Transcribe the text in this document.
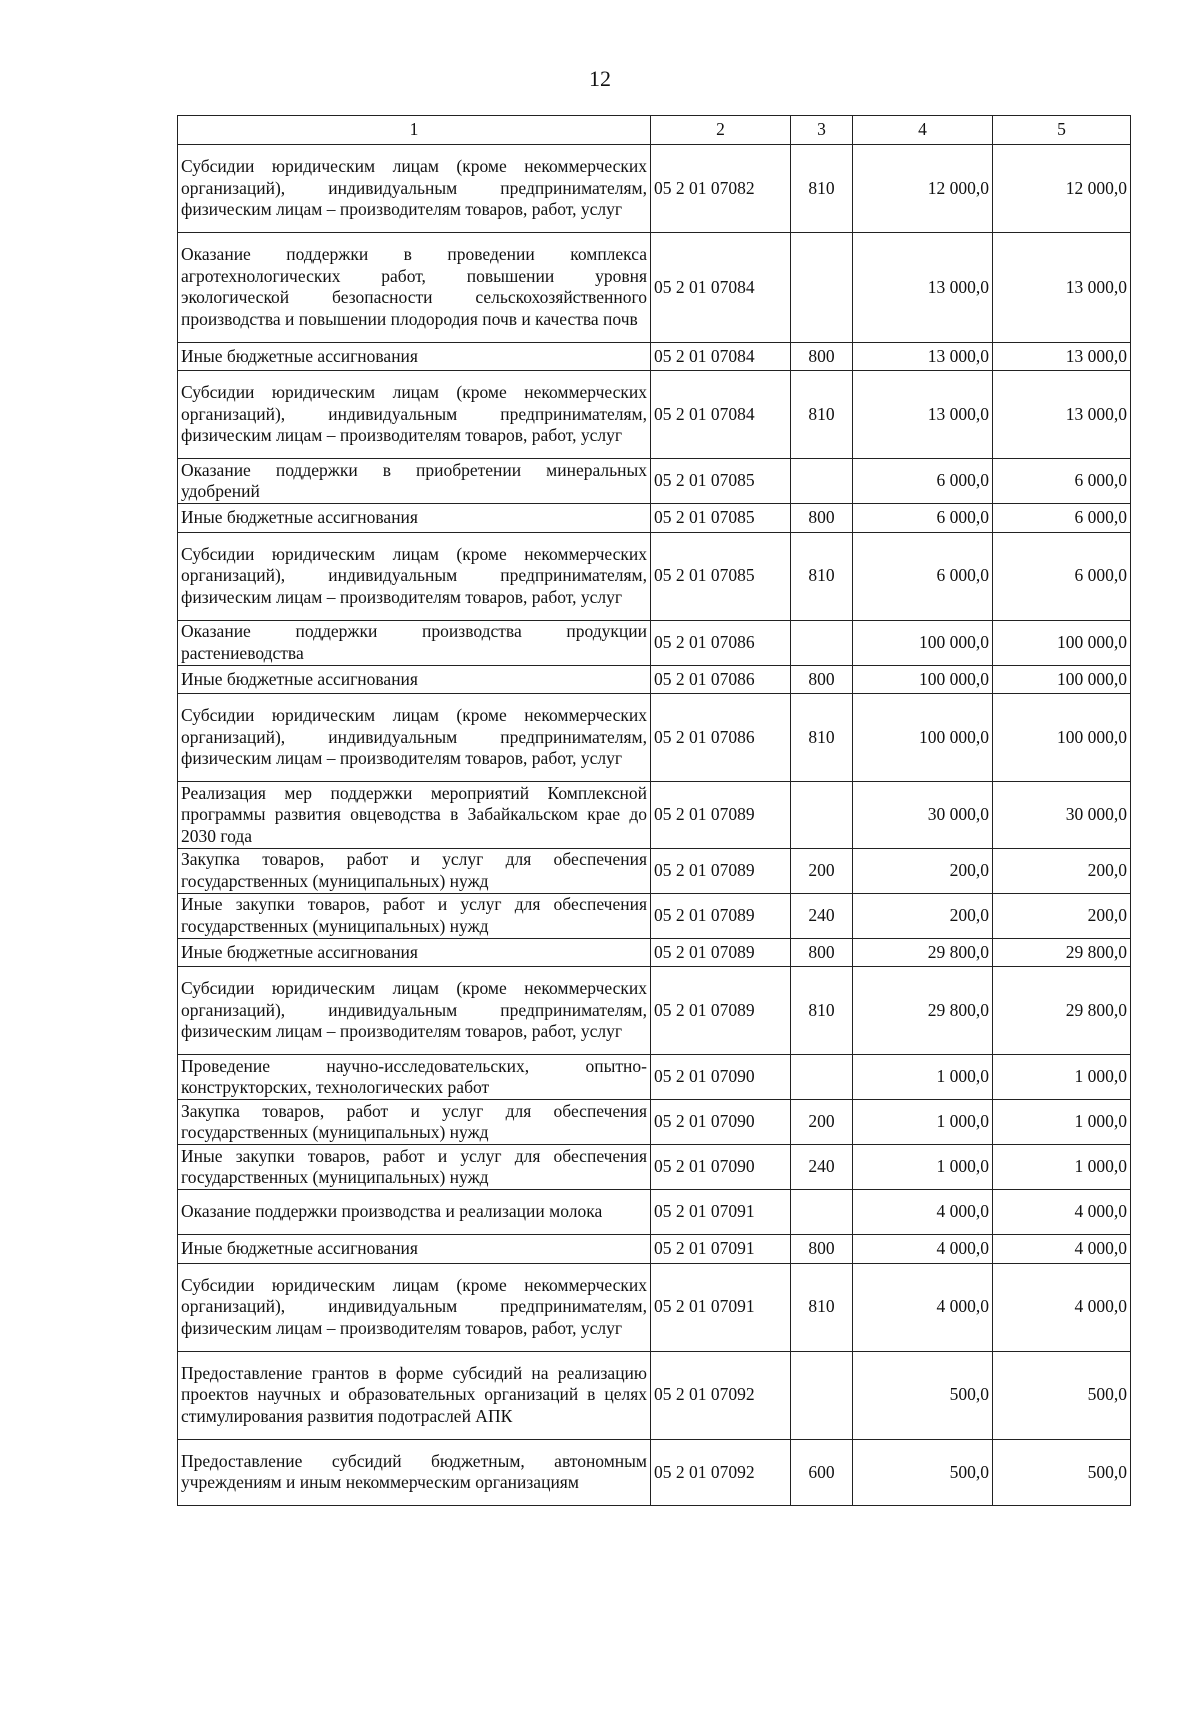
12
1	2	3	4	5
Субсидии юридическим лицам (кроме некоммерческих организаций), индивидуальным предпринимателям, физическим лицам – производителям товаров, работ, услуг	05 2 01 07082	810	12 000,0	12 000,0
Оказание поддержки в проведении комплекса агротехнологических работ, повышении уровня экологической безопасности сельскохозяйственного производства и повышении плодородия почв и качества почв	05 2 01 07084		13 000,0	13 000,0
Иные бюджетные ассигнования	05 2 01 07084	800	13 000,0	13 000,0
Субсидии юридическим лицам (кроме некоммерческих организаций), индивидуальным предпринимателям, физическим лицам – производителям товаров, работ, услуг	05 2 01 07084	810	13 000,0	13 000,0
Оказание поддержки в приобретении минеральных удобрений	05 2 01 07085		6 000,0	6 000,0
Иные бюджетные ассигнования	05 2 01 07085	800	6 000,0	6 000,0
Субсидии юридическим лицам (кроме некоммерческих организаций), индивидуальным предпринимателям, физическим лицам – производителям товаров, работ, услуг	05 2 01 07085	810	6 000,0	6 000,0
Оказание поддержки производства продукции растениеводства	05 2 01 07086		100 000,0	100 000,0
Иные бюджетные ассигнования	05 2 01 07086	800	100 000,0	100 000,0
Субсидии юридическим лицам (кроме некоммерческих организаций), индивидуальным предпринимателям, физическим лицам – производителям товаров, работ, услуг	05 2 01 07086	810	100 000,0	100 000,0
Реализация мер поддержки мероприятий Комплексной программы развития овцеводства в Забайкальском крае до 2030 года	05 2 01 07089		30 000,0	30 000,0
Закупка товаров, работ и услуг для обеспечения государственных (муниципальных) нужд	05 2 01 07089	200	200,0	200,0
Иные закупки товаров, работ и услуг для обеспечения государственных (муниципальных) нужд	05 2 01 07089	240	200,0	200,0
Иные бюджетные ассигнования	05 2 01 07089	800	29 800,0	29 800,0
Субсидии юридическим лицам (кроме некоммерческих организаций), индивидуальным предпринимателям, физическим лицам – производителям товаров, работ, услуг	05 2 01 07089	810	29 800,0	29 800,0
Проведение научно-исследовательских, опытно-конструкторских, технологических работ	05 2 01 07090		1 000,0	1 000,0
Закупка товаров, работ и услуг для обеспечения государственных (муниципальных) нужд	05 2 01 07090	200	1 000,0	1 000,0
Иные закупки товаров, работ и услуг для обеспечения государственных (муниципальных) нужд	05 2 01 07090	240	1 000,0	1 000,0
Оказание поддержки производства и реализации молока	05 2 01 07091		4 000,0	4 000,0
Иные бюджетные ассигнования	05 2 01 07091	800	4 000,0	4 000,0
Субсидии юридическим лицам (кроме некоммерческих организаций), индивидуальным предпринимателям, физическим лицам – производителям товаров, работ, услуг	05 2 01 07091	810	4 000,0	4 000,0
Предоставление грантов в форме субсидий на реализацию проектов научных и образовательных организаций в целях стимулирования развития подотраслей АПК	05 2 01 07092		500,0	500,0
Предоставление субсидий бюджетным, автономным учреждениям и иным некоммерческим организациям	05 2 01 07092	600	500,0	500,0
